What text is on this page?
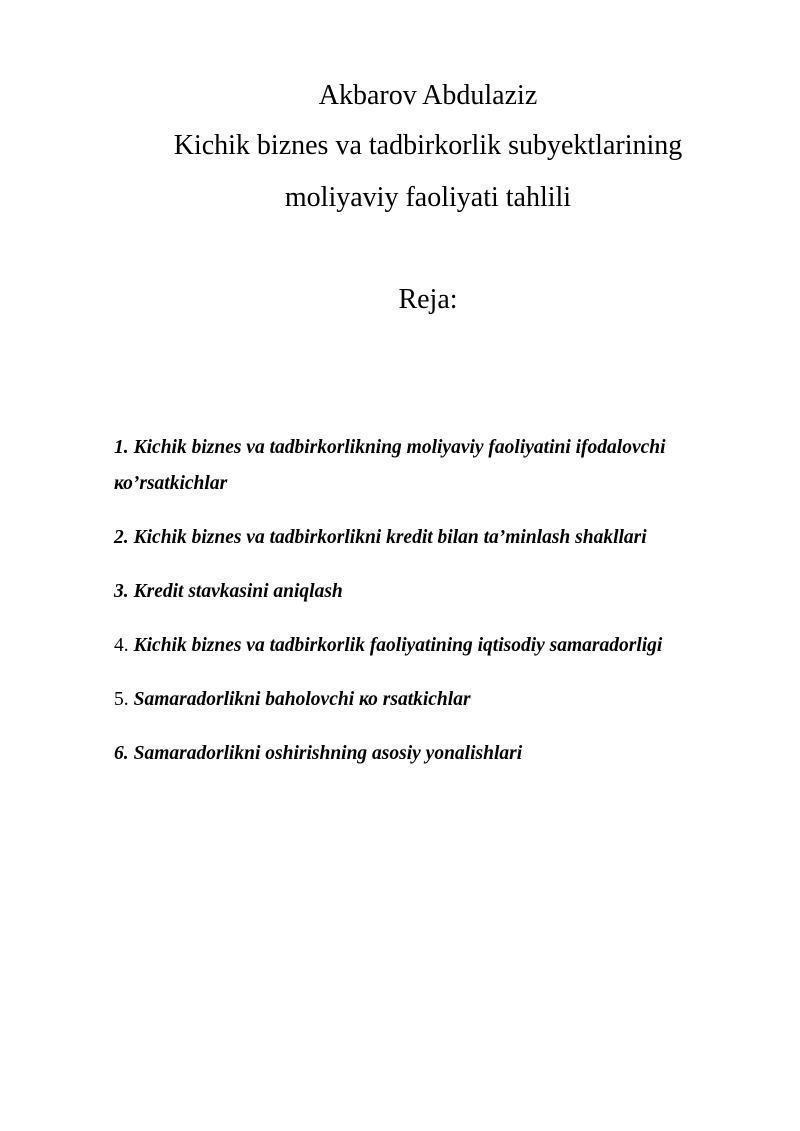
Akbarov Abdulaziz
Kichik biznes va tadbirkorlik subyektlarining
moliyaviy faoliyati tahlili
Reja:
1. Kichik biznes va tadbirkorlikning moliyaviy faoliyatini ifodalovchi
ко’rsatkichlar
2. Kichik biznes va tadbirkorlikni kredit bilan ta’minlash shakllari
3. Kredit stavkasini aniqlash
4. Kichik biznes va tadbirkorlik faoliyatining iqtisodiy samaradorligi
5. Samaradorlikni baholovchi ко rsatkichlar
6. Samaradorlikni oshirishning asosiy yonalishlari
